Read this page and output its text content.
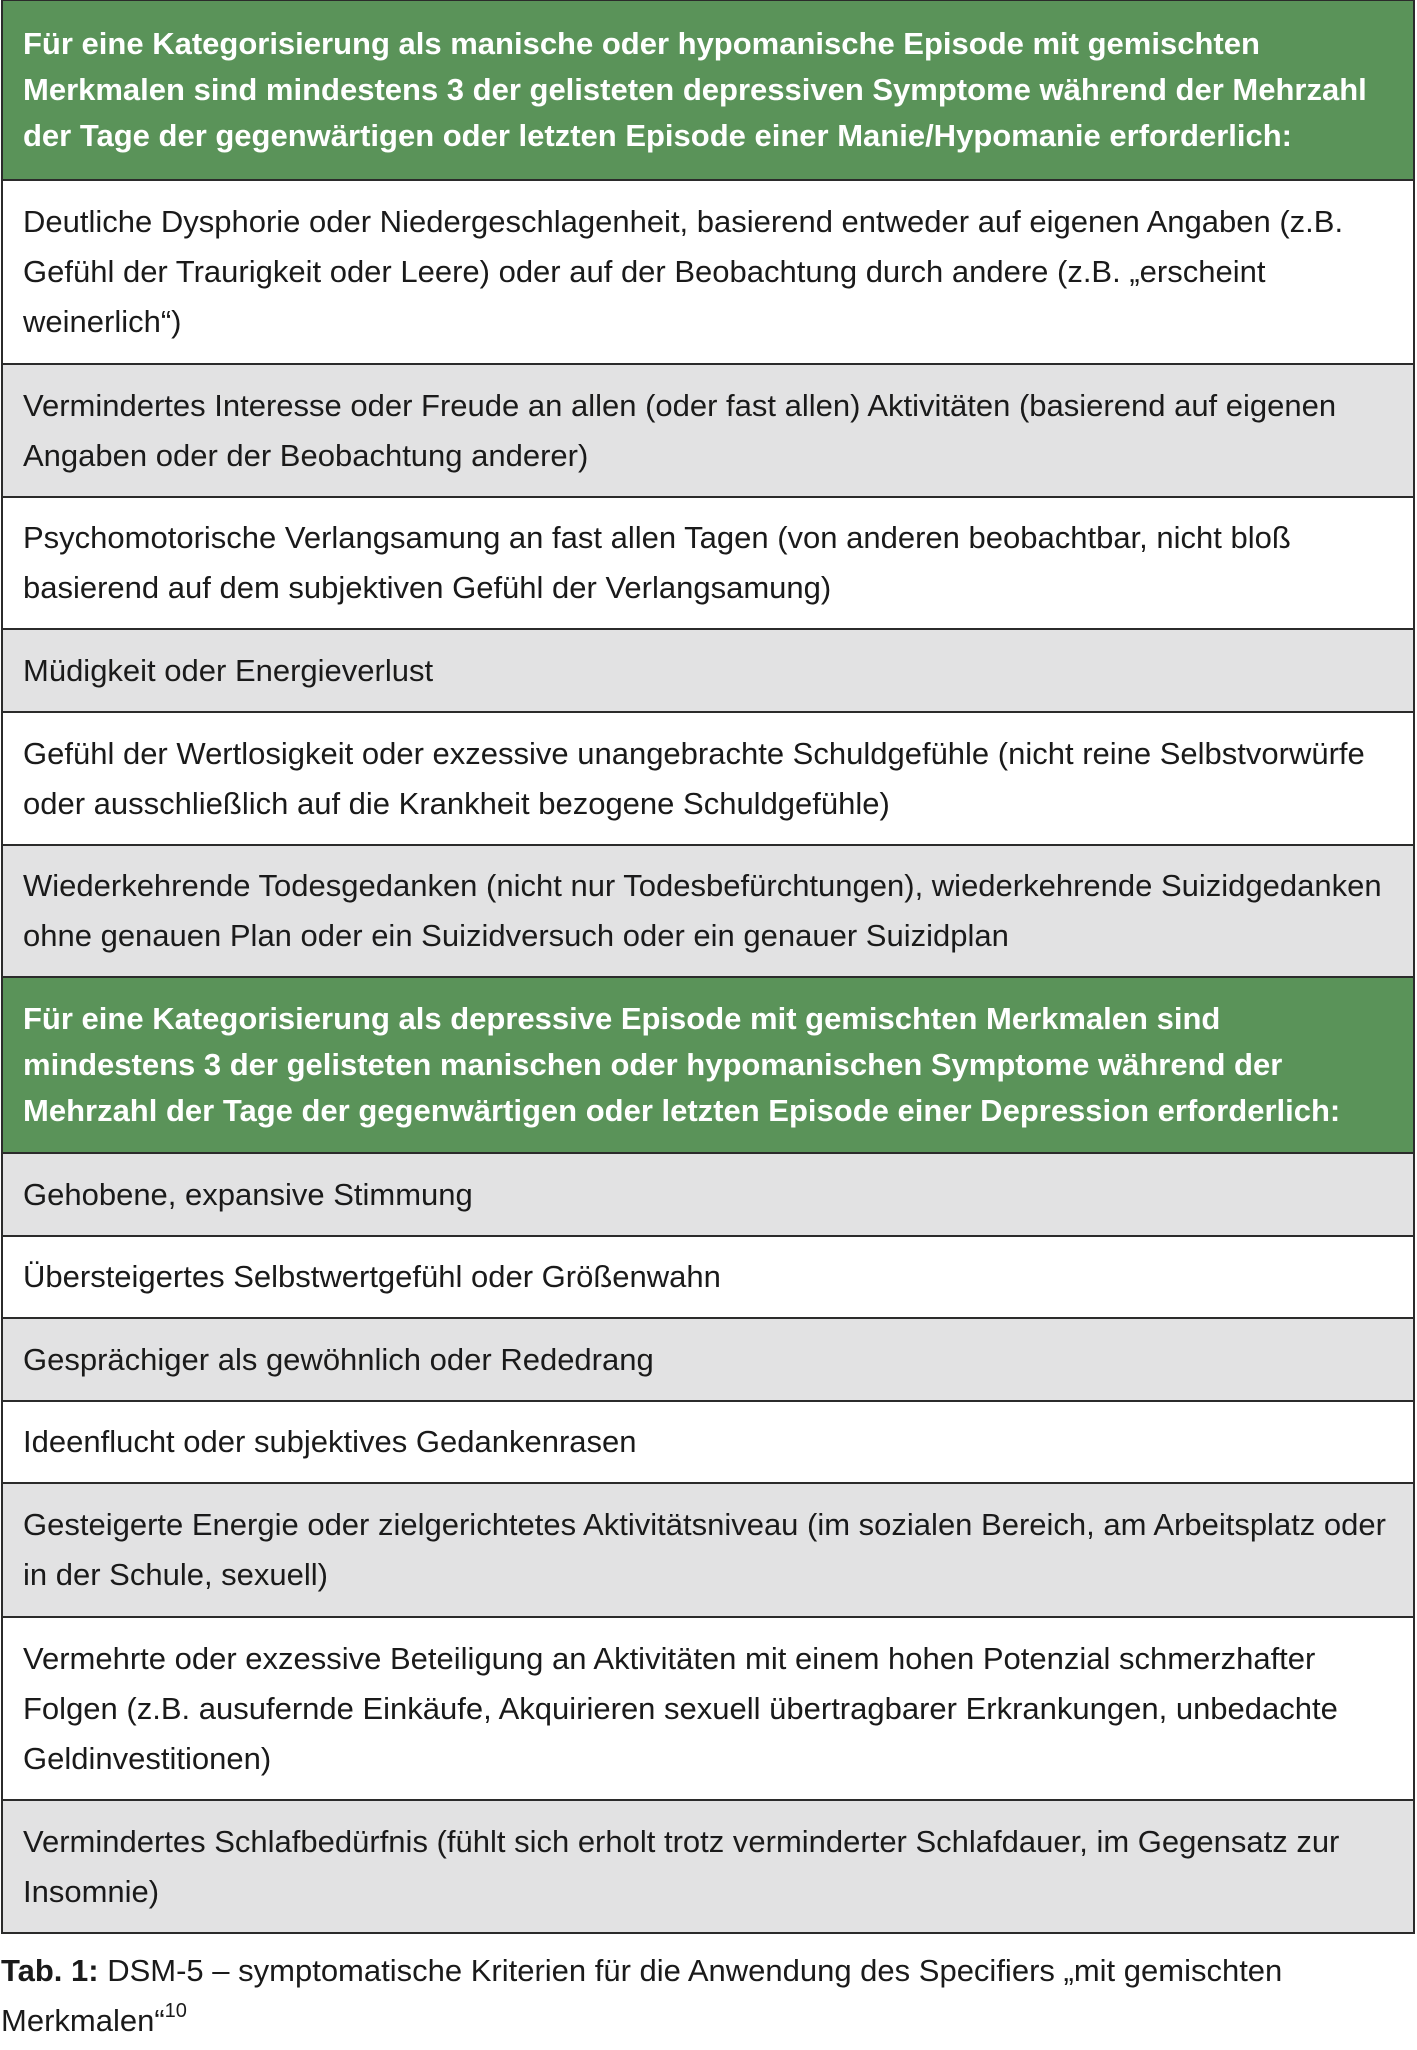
Für eine Kategorisierung als manische oder hypomanische Episode mit gemischten Merkmalen sind mindestens 3 der gelisteten depressiven Symptome während der Mehrzahl der Tage der gegenwärtigen oder letzten Episode einer Manie/Hypomanie erforderlich:
Deutliche Dysphorie oder Niedergeschlagenheit, basierend entweder auf eigenen Angaben (z.B. Gefühl der Traurigkeit oder Leere) oder auf der Beobachtung durch andere (z.B. „erscheint weinerlich“)
Vermindertes Interesse oder Freude an allen (oder fast allen) Aktivitäten (basierend auf eigenen Angaben oder der Beobachtung anderer)
Psychomotorische Verlangsamung an fast allen Tagen (von anderen beobachtbar, nicht bloß basierend auf dem subjektiven Gefühl der Verlangsamung)
Müdigkeit oder Energieverlust
Gefühl der Wertlosigkeit oder exzessive unangebrachte Schuldgefühle (nicht reine Selbstvorwürfe oder ausschließlich auf die Krankheit bezogene Schuldgefühle)
Wiederkehrende Todesgedanken (nicht nur Todesbefürchtungen), wiederkehrende Suizidgedanken ohne genauen Plan oder ein Suizidversuch oder ein genauer Suizidplan
Für eine Kategorisierung als depressive Episode mit gemischten Merkmalen sind mindestens 3 der gelisteten manischen oder hypomanischen Symptome während der Mehrzahl der Tage der gegenwärtigen oder letzten Episode einer Depression erforderlich:
Gehobene, expansive Stimmung
Übersteigertes Selbstwertgefühl oder Größenwahn
Gesprächiger als gewöhnlich oder Rededrang
Ideenflucht oder subjektives Gedankenrasen
Gesteigerte Energie oder zielgerichtetes Aktivitätsniveau (im sozialen Bereich, am Arbeitsplatz oder in der Schule, sexuell)
Vermehrte oder exzessive Beteiligung an Aktivitäten mit einem hohen Potenzial schmerzhafter Folgen (z.B. ausufernde Einkäufe, Akquirieren sexuell übertragbarer Erkrankungen, unbedachte Geldinvestitionen)
Vermindertes Schlafbedürfnis (fühlt sich erholt trotz verminderter Schlafdauer, im Gegensatz zur Insomnie)
Tab. 1: DSM-5 – symptomatische Kriterien für die Anwendung des Specifiers „mit gemischten Merkmalen“$^{10}$
